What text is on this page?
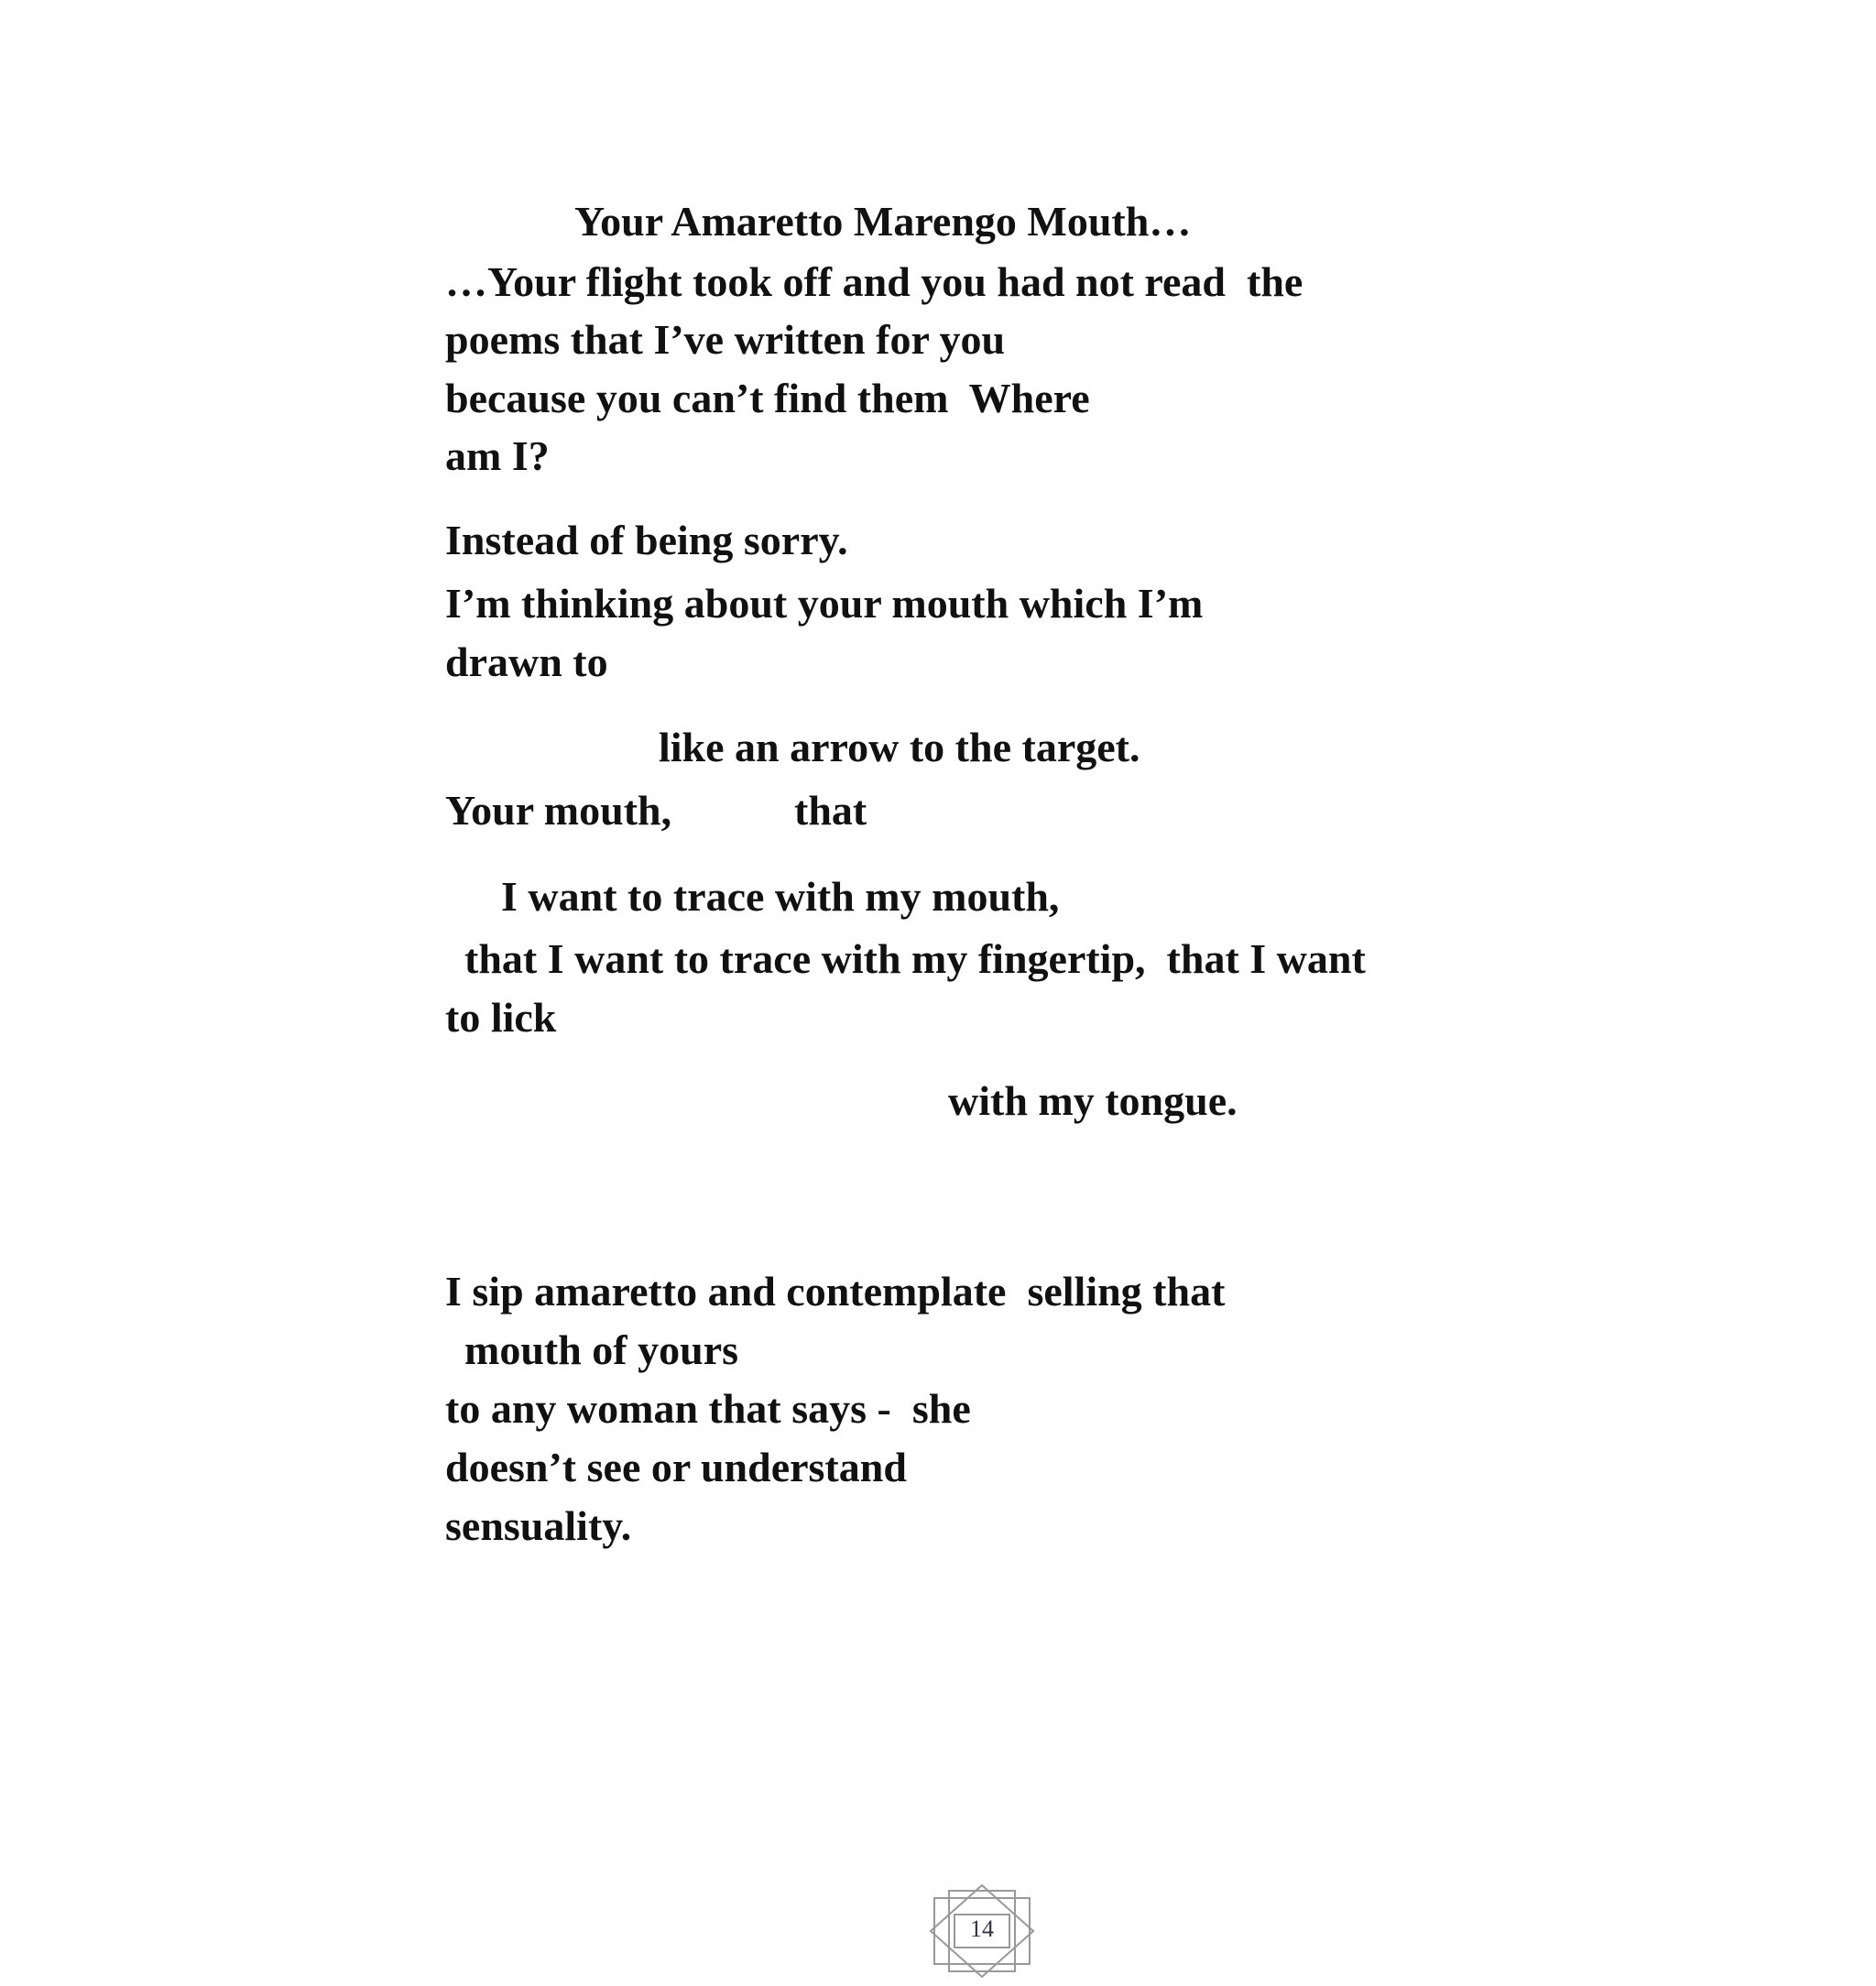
Your Amaretto Marengo Mouth…
…Your flight took off and you had not read  the
poems that I’ve written for you
because you can’t find them  Where
am I?
Instead of being sorry.
I’m thinking about your mouth which I’m
drawn to
like an arrow to the target.
Your mouth,	that
I want to trace with my mouth,
that I want to trace with my fingertip,  that I want
to lick
with my tongue.
I sip amaretto and contemplate  selling that
mouth of yours
to any woman that says -  she
doesn’t see or understand
sensuality.
14
